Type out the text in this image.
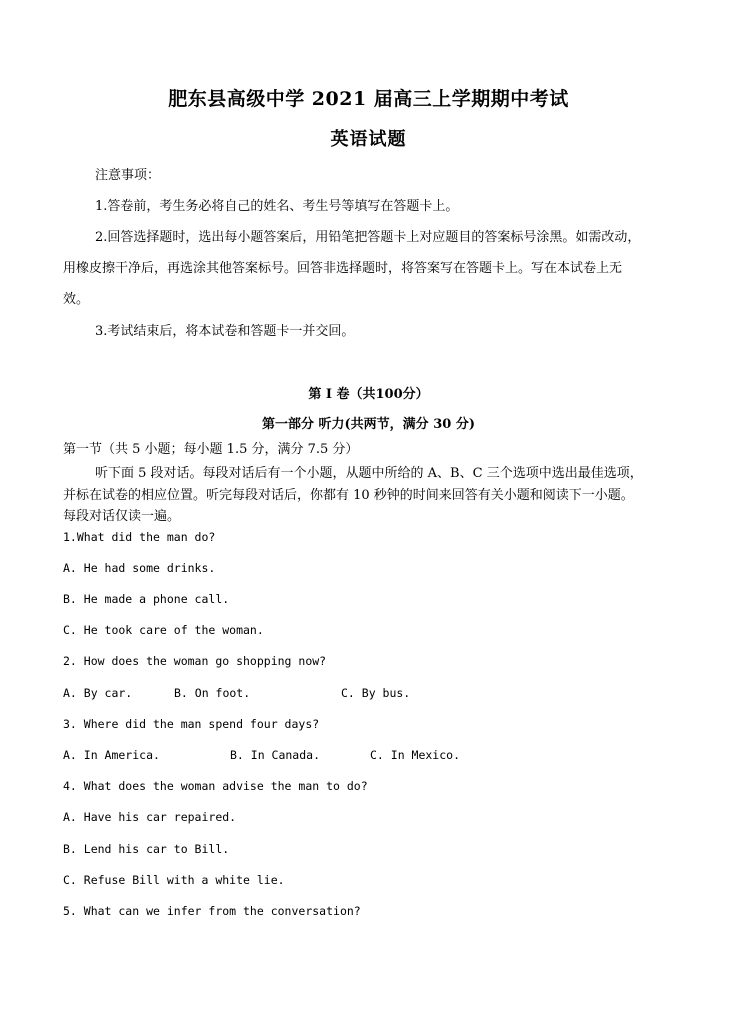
肥东县高级中学 2021 届高三上学期期中考试
英语试题
注意事项：
1.答卷前，考生务必将自己的姓名、考生号等填写在答题卡上。
2.回答选择题时，选出每小题答案后，用铅笔把答题卡上对应题目的答案标号涂黑。如需改动，
用橡皮擦干净后，再选涂其他答案标号。回答非选择题时，将答案写在答题卡上。写在本试卷上无
效。
3.考试结束后，将本试卷和答题卡一并交回。
第 I 卷（共100分）
第一部分 听力(共两节，满分 30 分)
第一节（共 5 小题；每小题 1.5 分，满分 7.5 分）
听下面 5 段对话。每段对话后有一个小题，从题中所给的 A、B、C 三个选项中选出最佳选项，
并标在试卷的相应位置。听完每段对话后，你都有 10 秒钟的时间来回答有关小题和阅读下一小题。
每段对话仅读一遍。
1.What did the man do?
A. He had some drinks.
B. He made a phone call.
C. He took care of the woman.
2. How does the woman go shopping now?
A. By car.	B. On foot.	C. By bus.
3. Where did the man spend four days?
A. In America.	B. In Canada.	C. In Mexico.
4. What does the woman advise the man to do?
A. Have his car repaired.
B. Lend his car to Bill.
C. Refuse Bill with a white lie.
5. What can we infer from the conversation?
